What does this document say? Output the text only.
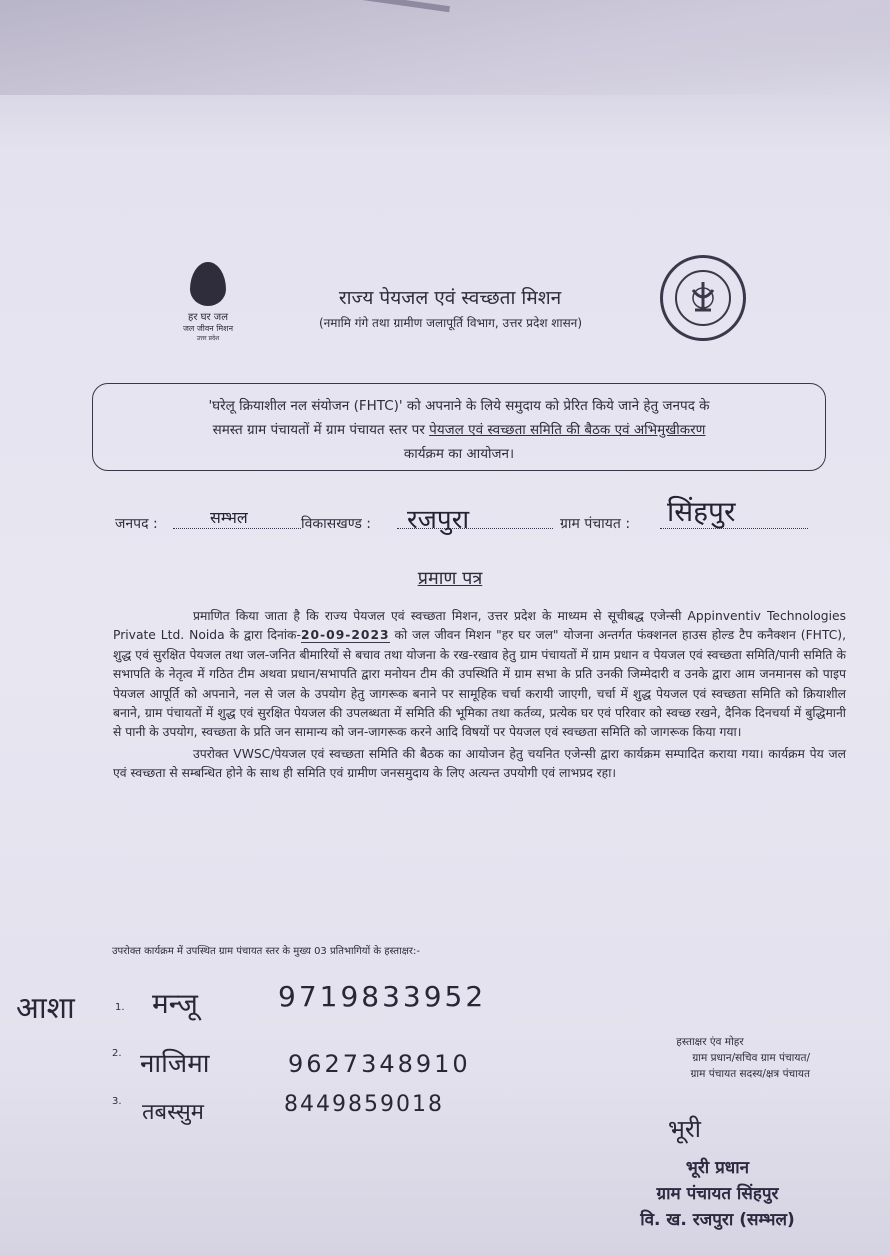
हर घर जल
जल जीवन मिशन
उत्तर प्रदेश
राज्य पेयजल एवं स्वच्छता मिशन
(नमामि गंगे तथा ग्रामीण जलापूर्ति विभाग, उत्तर प्रदेश शासन)
'घरेलू क्रियाशील नल संयोजन (FHTC)' को अपनाने के लिये समुदाय को प्रेरित किये जाने हेतु जनपद के
समस्त ग्राम पंचायतों में ग्राम पंचायत स्तर पर पेयजल एवं स्वच्छता समिति की बैठक एवं अभिमुखीकरण
कार्यक्रम का आयोजन।
जनपद :	सम्भल	विकासखण्ड : रजपुरा	ग्राम पंचायत : सिंहपुर
प्रमाण पत्र

प्रमाणित किया जाता है कि राज्य पेयजल एवं स्वच्छता मिशन, उत्तर प्रदेश के माध्यम से सूचीबद्ध एजेन्सी Appinventiv Technologies Private Ltd. Noida के द्वारा दिनांक-20-09-2023 को जल जीवन मिशन "हर घर जल" योजना अन्तर्गत फंक्शनल हाउस होल्ड टैप कनैक्शन (FHTC), शुद्ध एवं सुरक्षित पेयजल तथा जल-जनित बीमारियों से बचाव तथा योजना के रख-रखाव हेतु ग्राम पंचायतों में ग्राम प्रधान व पेयजल एवं स्वच्छता समिति/पानी समिति के सभापति के नेतृत्व में गठित टीम अथवा प्रधान/सभापति द्वारा मनोयन टीम की उपस्थिति में ग्राम सभा के प्रति उनकी जिम्मेदारी व उनके द्वारा आम जनमानस को पाइप पेयजल आपूर्ति को अपनाने, नल से जल के उपयोग हेतु जागरूक बनाने पर सामूहिक चर्चा करायी जाएगी, चर्चा में शुद्ध पेयजल एवं स्वच्छता समिति को क्रियाशील बनाने, ग्राम पंचायतों में शुद्ध एवं सुरक्षित पेयजल की उपलब्धता में समिति की भूमिका तथा कर्तव्य, प्रत्येक घर एवं परिवार को स्वच्छ रखने, दैनिक दिनचर्या में बुद्धिमानी से पानी के उपयोग, स्वच्छता के प्रति जन सामान्य को जन-जागरूक करने आदि विषयों पर पेयजल एवं स्वच्छता समिति को जागरूक किया गया।

उपरोक्त VWSC/पेयजल एवं स्वच्छता समिति की बैठक का आयोजन हेतु चयनित एजेन्सी द्वारा कार्यक्रम सम्पादित कराया गया। कार्यक्रम पेय जल एवं स्वच्छता से सम्बन्धित होने के साथ ही समिति एवं ग्रामीण जनसमुदाय के लिए अत्यन्त उपयोगी एवं लाभप्रद रहा।

उपरोक्त कार्यक्रम में उपस्थित ग्राम पंचायत स्तर के मुख्य 03 प्रतिभागियों के हस्ताक्षर:-
आशा	1. मन्जू	9719833952
2. नाजिमा	9627348910
3. तबस्सुम	8449859018
हस्ताक्षर एंव मोहर
ग्राम प्रधान/सचिव ग्राम पंचायत/
ग्राम पंचायत सदस्य/क्षत्र पंचायत
भूरी
भूरी प्रधान
ग्राम पंचायत सिंहपुर
वि. ख. रजपुरा (सम्भल)
